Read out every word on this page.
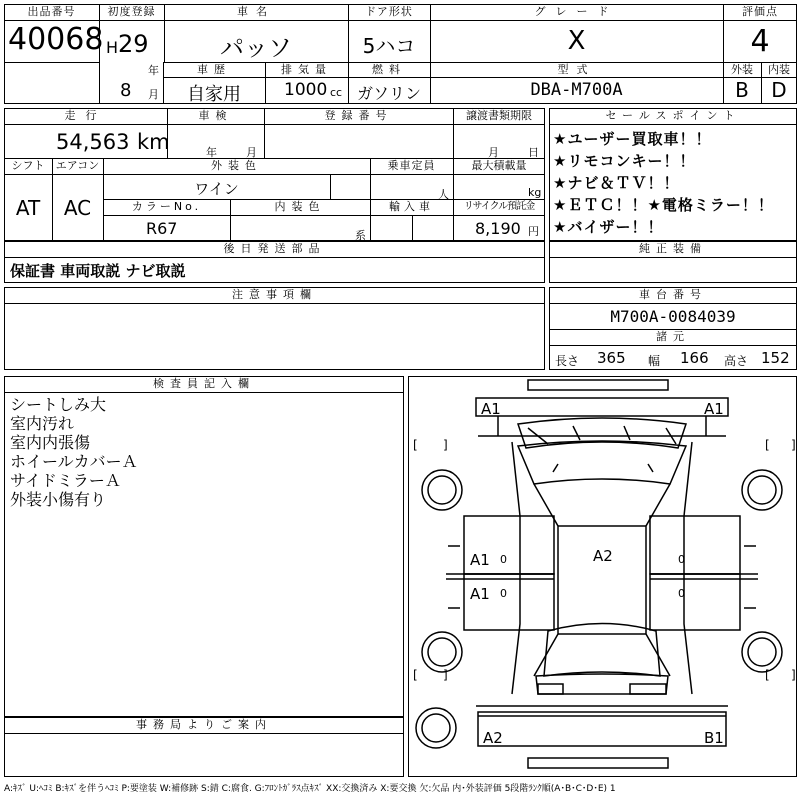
出品番号
40068
初度登録
H 29
年
8 月
車名
パッソ
ドア形状
5ハコ
グレード
X
評価点
4
車歴
自家用
排気量
1000 cc
燃料
ガソリン
型式
DBA-M700A
外装
B
内装
D
走行
54,563 km
車検
年	月
登録番号	譲渡書類期限
月	日
シフト
AT
エアコン
AC
外装色
ワイン
乗車定員
人
最大積載量
kg
カラーNo.
R67
内装色
系
輸入車	リサイクル預託金
8,190 円
後日発送部品
保証書 車両取説 ナビ取説
セールスポイント
★ユーザー買取車！！
★リモコンキー！！
★ナビ＆ＴＶ！！
★ＥＴＣ！！★電格ミラー！！
★バイザー！！
純正装備
注意事項欄	車台番号
M700A-0084039
諸元
長さ 365 幅 166 高さ 152
検査員記入欄
シートしみ大
室内汚れ
室内内張傷
ホイールカバーＡ
サイドミラーＡ
外装小傷有り
事務局よりご案内
A1	A1
A1
A1
A2
A2	B1
[ ]	[ ]
[ ]	[ ]
0
0
0
0
A:ｷｽﾞ U:ﾍｺﾐ B:ｷｽﾞを伴うﾍｺﾐ P:要塗装 W:補修跡 S:錆 C:腐食. G:ﾌﾛﾝﾄｶﾞﾗｽ点ｷｽﾞ XX:交換済み X:要交換 欠:欠品 内･外装評価 5段階ﾗﾝｸ順(A･B･C･D･E) 1
